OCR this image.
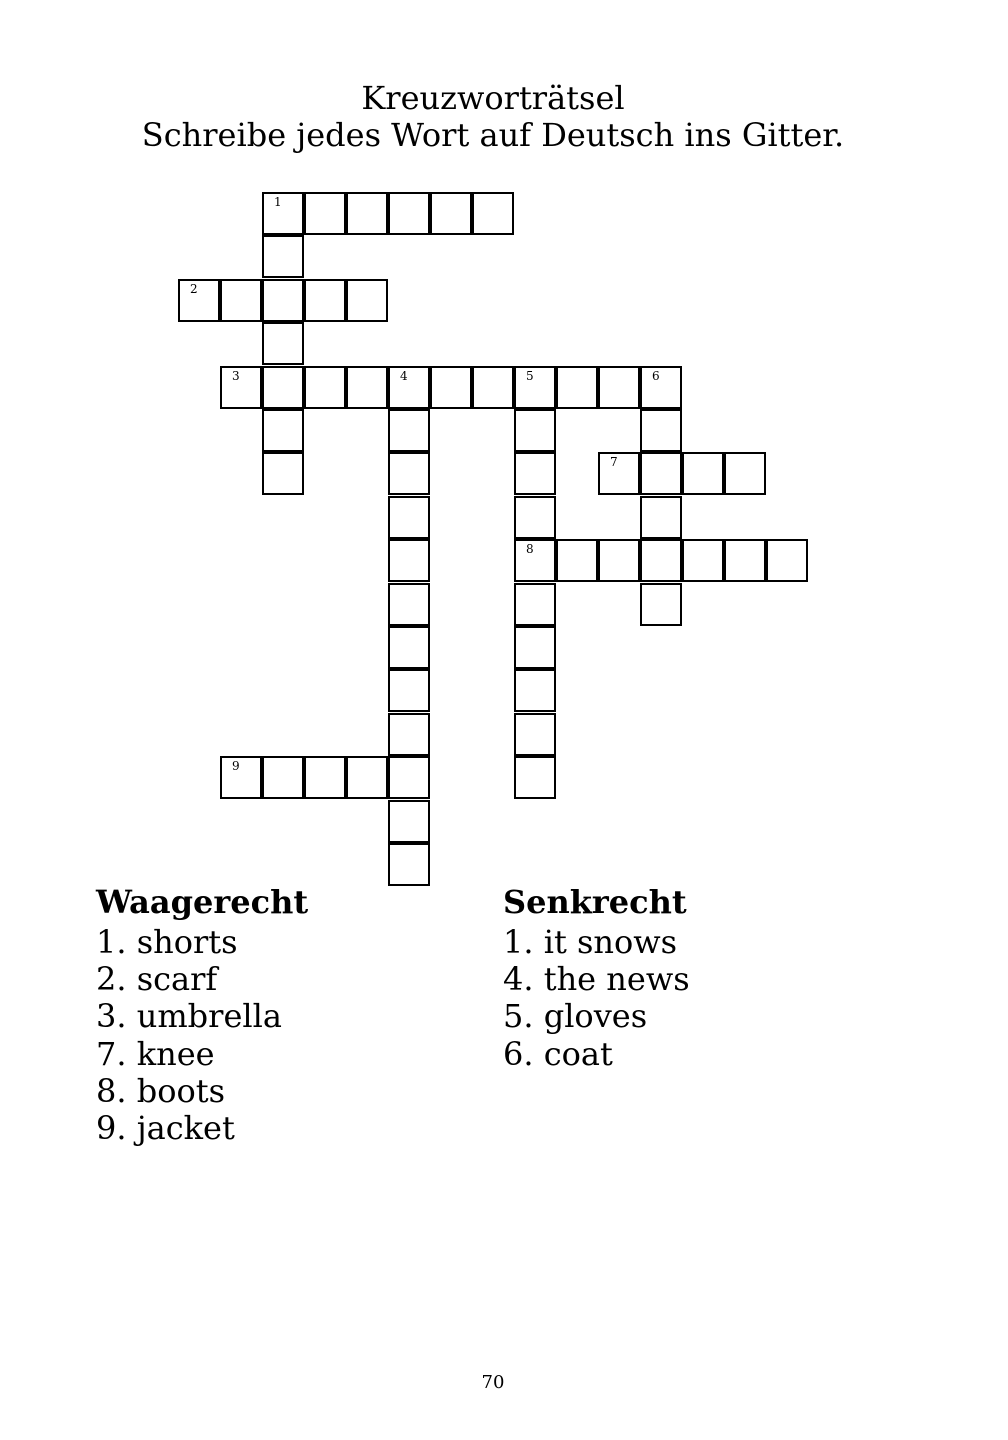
Kreuzworträtsel
Schreibe jedes Wort auf Deutsch ins Gitter.
1
2
3	4	5	6
8
7
9
Waagerecht
1. shorts
2. scarf
3. umbrella
7. knee
8. boots
9. jacket
Senkrecht
1. it snows
4. the news
5. gloves
6. coat
70
